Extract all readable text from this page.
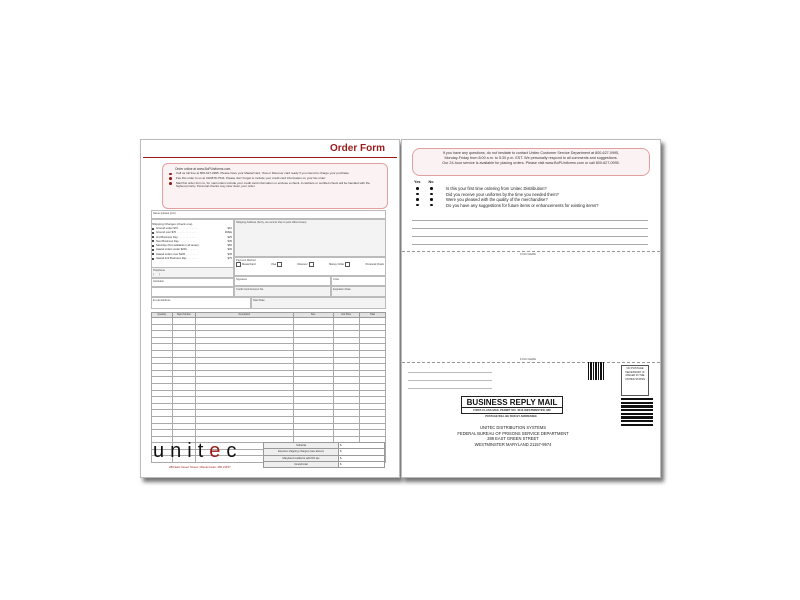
Order Form
Order online at www.BoPUniforms.com.
Call us toll free at 800-627-0995. Please have your MasterCard, Visa or Discover card ready if you intend to charge your purchase.
Fax this order to us at 410/878-7544. Please don't forget to include your credit card information on your fax order.
Mail this order form to, for mail orders include your credit card information or enclose a check. A cashiers or certified check will be handled with the highest priority. Personal checks may slow down your order.
Name (please print)
Shipping Charges (check one)
Ground under $70 . . . . . . . . . . . . .	$10
Ground over $70 . . . . . . . . . . . . .	FREE
2nd Business Day . . . . . . . . . . . .	$25
Next Business Day . . . . . . . . . . .	$35
Saturday (Not available in all areas) . .	$50
Hawaii orders under $200. . . . . . . .	$30
Hawaii orders over $200. . . . . . . . .	$45
Hawaii 2nd Business Day . . . . . . . .	$75
Shipping Address (Sorry, we cannot ship to post office boxes)
Payment Method
MasterCard	Visa	Discover	Money Order	Personal Check
Telephone
(      )
Signature	Units
Institution
Credit Card Account No.	Expiration Date
E-mail Address	Start Date
Quantity	Style Number	Description	Size	Unit Price	Total

unitec
289 East Green Street | Westminster, MD 21157
Subtotal	$
Express shipping charges (see above)	$
Maryland residents add 6% tax	$
Grand total	$
If you have any questions, do not hesitate to contact Unitec Customer Service Department at 800-627-0995,
Monday-Friday from 8:00 a.m. to 5:30 p.m. EST. We personally respond to all comments and suggestions.
Our 24-hour service is available for placing orders. Please visit www.BoPUniforms.com or call 800-627-0995.
Yes No
Is this your first time ordering from Unitec Distribution?
Did you receive your uniforms by the time you needed them?
Were you pleased with the quality of the merchandise?
Do you have any suggestions for future items or enhancements for existing items?
FOLD HERE
FOLD HERE
NO POSTAGE NECESSARY IF MAILED IN THE UNITED STATES
BUSINESS REPLY MAIL
FIRST-CLASS MAIL PERMIT NO. 4016 WESTMINSTER, MD
POSTAGE WILL BE PAID BY ADDRESSEE
UNITEC DISTRIBUTION SYSTEMS
FEDERAL BUREAU OF PRISONS SERVICE DEPARTMENT
289 EAST GREEN STREET
WESTMINSTER MARYLAND 21157-9974
